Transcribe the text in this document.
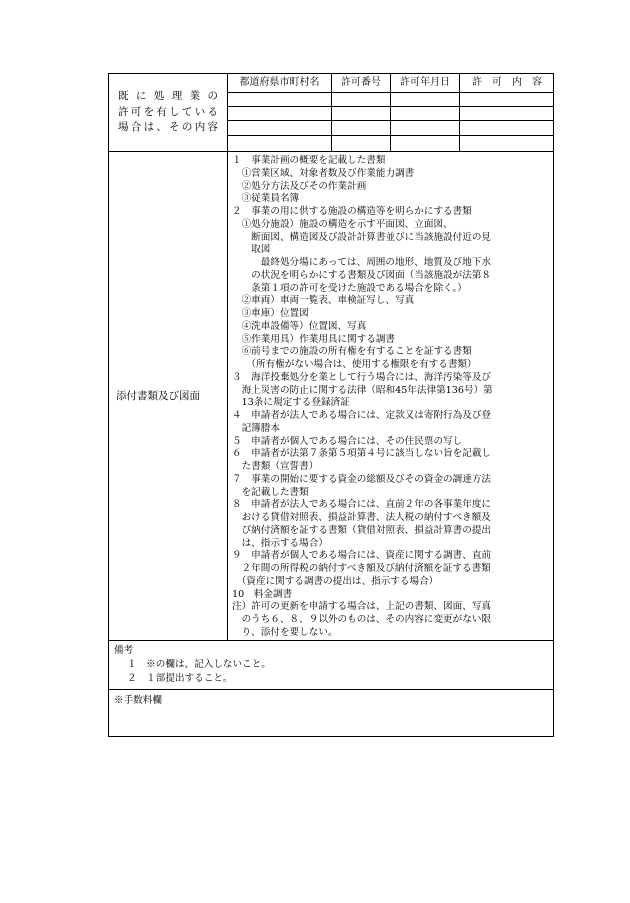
既に処理業の
許可を有している
場合は、その内容
都道府県市町村名	許可番号	許可年月日	許　可　内　容
添付書類及び図面
１　事業計画の概要を記載した書類
　①営業区域、対象者数及び作業能力調書
　②処分方法及びその作業計画
　③従業員名簿
２　事業の用に供する施設の構造等を明らかにする書類
　①処分施設）施設の構造を示す平面図、立面図、
　　断面図、構造図及び設計計算書並びに当該施設付近の見
　　取図
　　　最終処分場にあっては、周囲の地形、地質及び地下水
　　の状況を明らかにする書類及び図面（当該施設が法第８
　　条第１項の許可を受けた施設である場合を除く。）
　②車両）車両一覧表、車検証写し、写真
　③車庫）位置図
　④洗車設備等）位置図、写真
　⑤作業用具）作業用具に関する調書
　⑥前号までの施設の所有権を有することを証する書類
　　（所有権がない場合は、使用する権限を有する書類）
３　海洋投棄処分を業として行う場合には、海洋汚染等及び
　海上災害の防止に関する法律（昭和45年法律第136号）第
　13条に規定する登録済証
４　申請者が法人である場合には、定款又は寄附行為及び登
　記簿謄本
５　申請者が個人である場合には、その住民票の写し
６　申請者が法第７条第５項第４号に該当しない旨を記載し
　た書類（宣誓書）
７　事業の開始に要する資金の総額及びその資金の調達方法
　を記載した書類
８　申請者が法人である場合には、直前２年の各事業年度に
　おける貸借対照表、損益計算書、法人税の納付すべき額及
　び納付済額を証する書類（貸借対照表、損益計算書の提出
　は、指示する場合）
９　申請者が個人である場合には、資産に関する調書、直前
　２年間の所得税の納付すべき額及び納付済額を証する書類
　（資産に関する調書の提出は、指示する場合）
10　料金調書
注）許可の更新を申請する場合は、上記の書類、図面、写真
　のうち６、８、９以外のものは、その内容に変更がない限
　り、添付を要しない。
備考
１　※の欄は、記入しないこと。
２　１部提出すること。
※手数料欄
